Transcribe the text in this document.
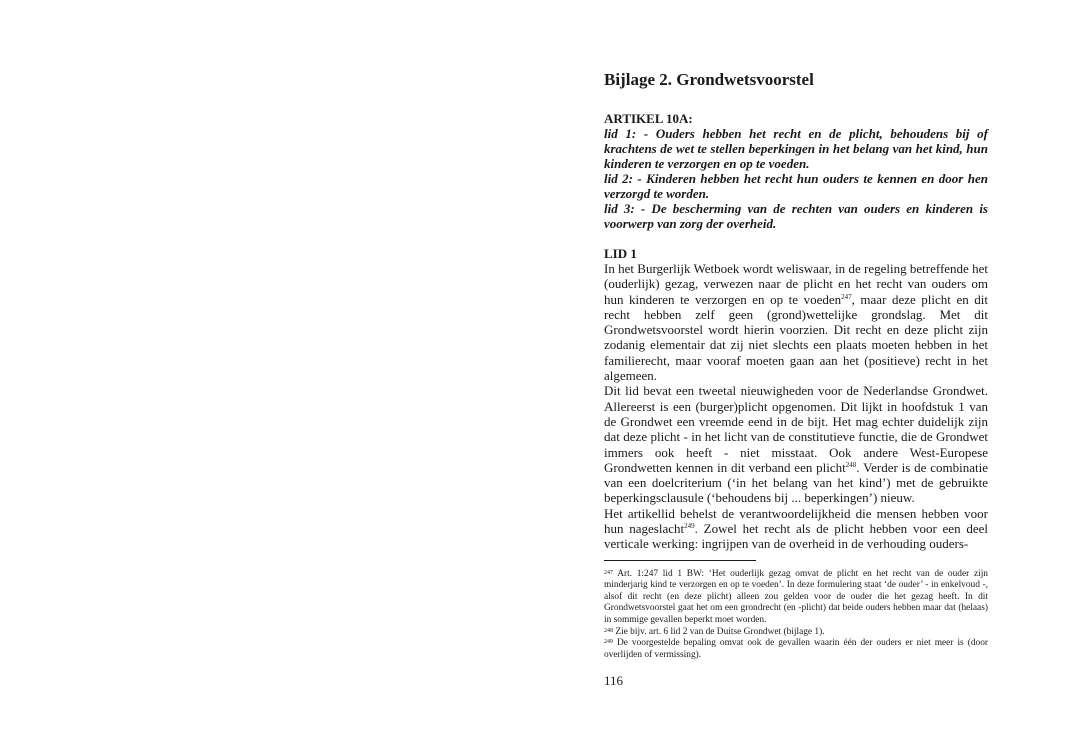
Bijlage 2. Grondwetsvoorstel

ARTIKEL 10A:

lid 1: - Ouders hebben het recht en de plicht, behoudens bij of krachtens de wet te stellen beperkingen in het belang van het kind, hun kinderen te verzorgen en op te voeden.

lid 2: - Kinderen hebben het recht hun ouders te kennen en door hen verzorgd te worden.

lid 3: - De bescherming van de rechten van ouders en kinderen is voorwerp van zorg der overheid.

LID 1

In het Burgerlijk Wetboek wordt weliswaar, in de regeling betreffende het (ouderlijk) gezag, verwezen naar de plicht en het recht van ouders om hun kinderen te verzorgen en op te voeden$^{247}$, maar deze plicht en dit recht hebben zelf geen (grond)wettelijke grondslag. Met dit Grondwetsvoorstel wordt hierin voorzien. Dit recht en deze plicht zijn zodanig elementair dat zij niet slechts een plaats moeten hebben in het familierecht, maar vooraf moeten gaan aan het (positieve) recht in het algemeen.

Dit lid bevat een tweetal nieuwigheden voor de Nederlandse Grondwet. Allereerst is een (burger)plicht opgenomen. Dit lijkt in hoofdstuk 1 van de Grondwet een vreemde eend in de bijt. Het mag echter duidelijk zijn dat deze plicht - in het licht van de constitutieve functie, die de Grondwet immers ook heeft - niet misstaat. Ook andere West-Europese Grondwetten kennen in dit verband een plicht$^{248}$. Verder is de combinatie van een doelcriterium (‘in het belang van het kind’) met de gebruikte beperkingsclausule (‘behoudens bij ... beperkingen’) nieuw.

Het artikellid behelst de verantwoordelijkheid die mensen hebben voor hun nageslacht$^{249}$. Zowel het recht als de plicht hebben voor een deel verticale werking: ingrijpen van de overheid in de verhouding ouders-

$^{247}$ Art. 1:247 lid 1 BW: ‘Het ouderlijk gezag omvat de plicht en het recht van de ouder zijn minderjarig kind te verzorgen en op te voeden’. In deze formulering staat ‘de ouder’ - in enkelvoud -, alsof dit recht (en deze plicht) alleen zou gelden voor de ouder die het gezag heeft. In dit Grondwetsvoorstel gaat het om een grondrecht (en -plicht) dat beide ouders hebben maar dat (helaas) in sommige gevallen beperkt moet worden.

$^{248}$ Zie bijv. art. 6 lid 2 van de Duitse Grondwet (bijlage 1).

$^{249}$ De voorgestelde bepaling omvat ook de gevallen waarin één der ouders er niet meer is (door overlijden of vermissing).

116
